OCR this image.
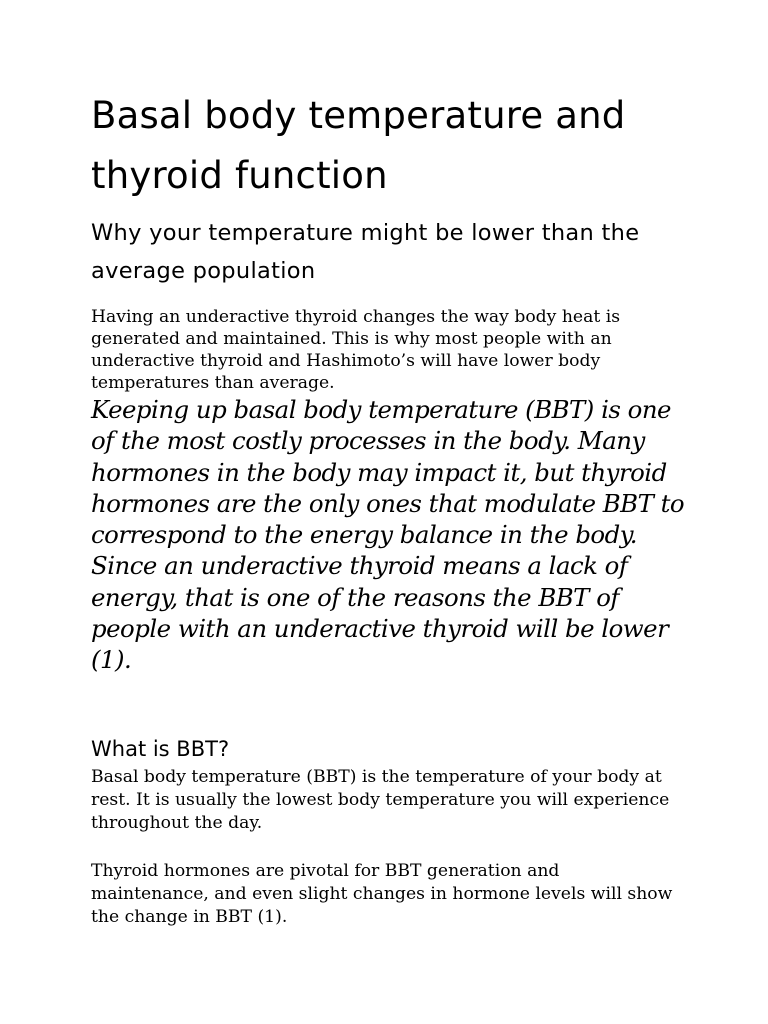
Basal body temperature and thyroid function
Why your temperature might be lower than the average population

Having an underactive thyroid changes the way body heat is generated and maintained. This is why most people with an underactive thyroid and Hashimoto’s will have lower body temperatures than average.

Keeping up basal body temperature (BBT) is one of the most costly processes in the body. Many hormones in the body may impact it, but thyroid hormones are the only ones that modulate BBT to correspond to the energy balance in the body. Since an underactive thyroid means a lack of energy, that is one of the reasons the BBT of people with an underactive thyroid will be lower (1).

What is BBT?

Basal body temperature (BBT) is the temperature of your body at rest. It is usually the lowest body temperature you will experience throughout the day.

Thyroid hormones are pivotal for BBT generation and maintenance, and even slight changes in hormone levels will show the change in BBT (1).
